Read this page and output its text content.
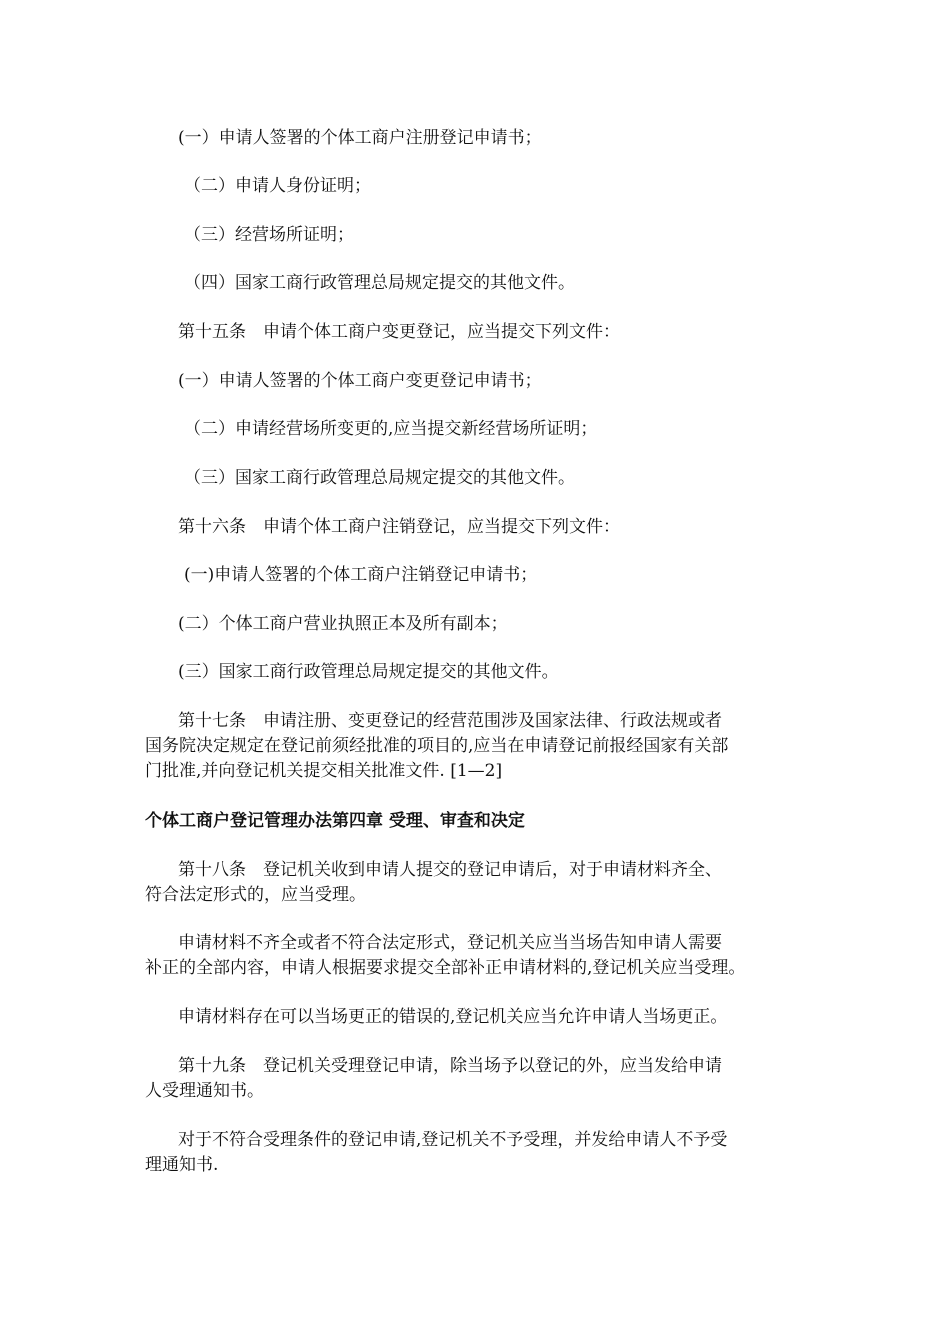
(一）申请人签署的个体工商户注册登记申请书；
（二）申请人身份证明；
（三）经营场所证明；
（四）国家工商行政管理总局规定提交的其他文件。
第十五条　申请个体工商户变更登记，应当提交下列文件：
(一）申请人签署的个体工商户变更登记申请书；
（二）申请经营场所变更的,应当提交新经营场所证明；
（三）国家工商行政管理总局规定提交的其他文件。
第十六条　申请个体工商户注销登记，应当提交下列文件：
(一)申请人签署的个体工商户注销登记申请书；
(二）个体工商户营业执照正本及所有副本；
(三）国家工商行政管理总局规定提交的其他文件。
第十七条　申请注册、变更登记的经营范围涉及国家法律、行政法规或者
国务院决定规定在登记前须经批准的项目的,应当在申请登记前报经国家有关部
门批准,并向登记机关提交相关批准文件. [1—2]
个体工商户登记管理办法第四章 受理、审查和决定
第十八条　登记机关收到申请人提交的登记申请后，对于申请材料齐全、
符合法定形式的，应当受理。
申请材料不齐全或者不符合法定形式，登记机关应当当场告知申请人需要
补正的全部内容，申请人根据要求提交全部补正申请材料的,登记机关应当受理。
申请材料存在可以当场更正的错误的,登记机关应当允许申请人当场更正。
第十九条　登记机关受理登记申请，除当场予以登记的外，应当发给申请
人受理通知书。
对于不符合受理条件的登记申请,登记机关不予受理，并发给申请人不予受
理通知书.
